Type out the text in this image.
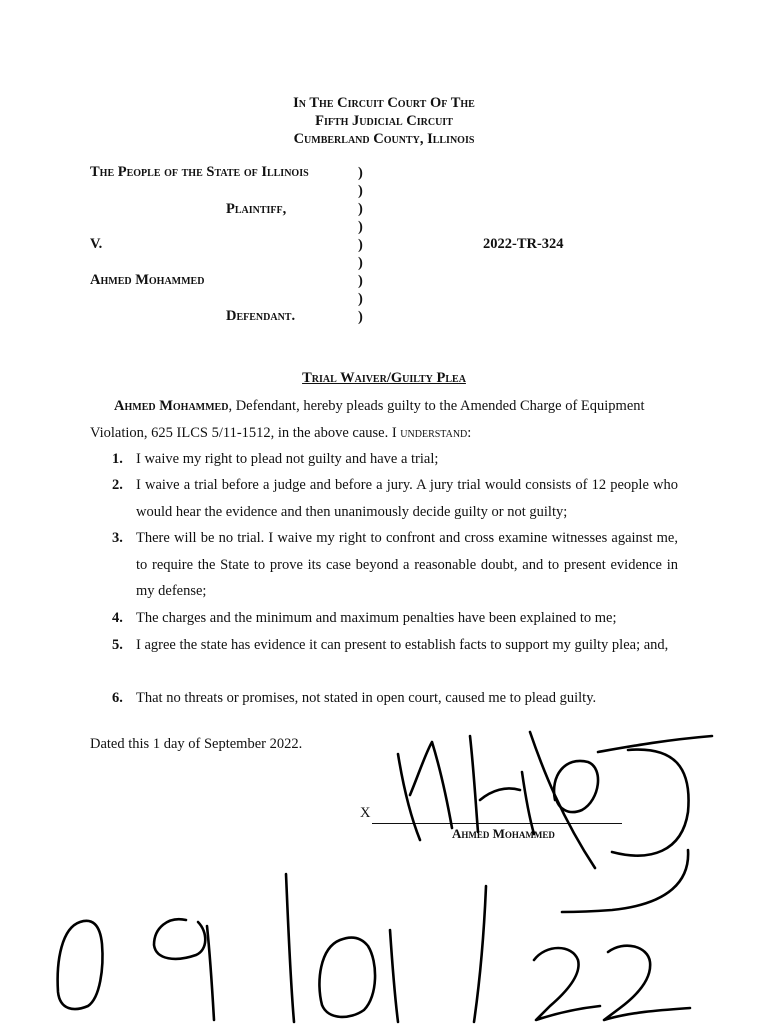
In The Circuit Court Of The
Fifth Judicial Circuit
Cumberland County, Illinois
The People of the State of Illinois
Plaintiff,
V.
Ahmed Mohammed
Defendant.
2022-TR-324
)
)
)
)
)
)
)
)
)
Trial Waiver/Guilty Plea
Ahmed Mohammed, Defendant, hereby pleads guilty to the Amended Charge of Equipment
Violation, 625 ILCS 5/11-1512, in the above cause. I understand:
1. I waive my right to plead not guilty and have a trial;
2. I waive a trial before a judge and before a jury. A jury trial would consists of 12 people who would hear the evidence and then unanimously decide guilty or not guilty;
3. There will be no trial. I waive my right to confront and cross examine witnesses against me, to require the State to prove its case beyond a reasonable doubt, and to present evidence in my defense;
4. The charges and the minimum and maximum penalties have been explained to me;
5. I agree the state has evidence it can present to establish facts to support my guilty plea; and,
6. That no threats or promises, not stated in open court, caused me to plead guilty.
Dated this 1 day of September 2022.
X
Ahmed Mohammed
